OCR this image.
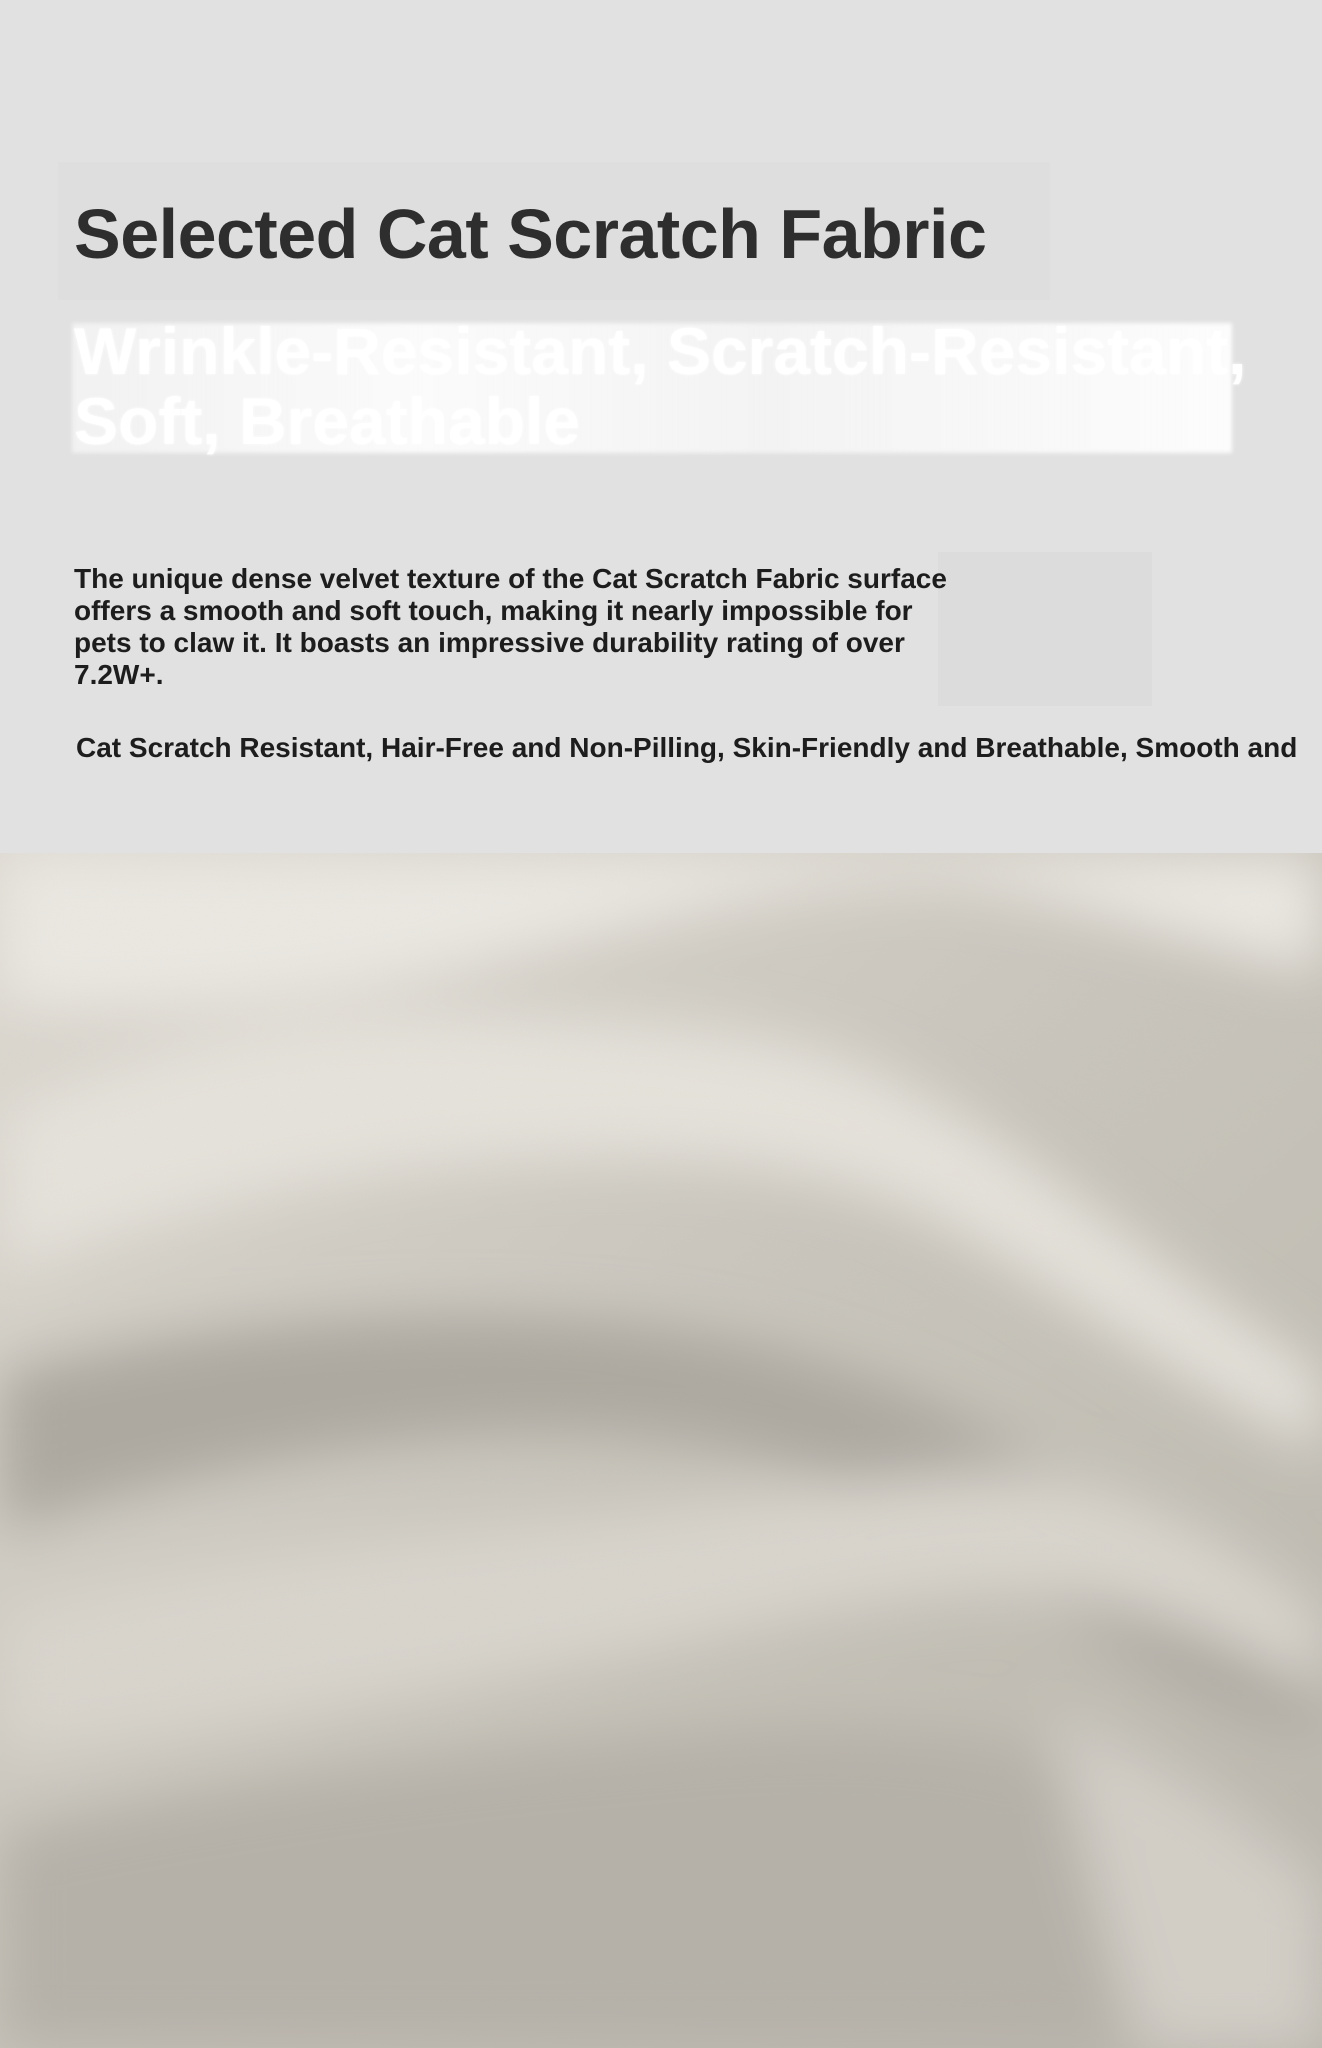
Selected Cat Scratch Fabric
Wrinkle-Resistant, Scratch-Resistant, Soft, Breathable

The unique dense velvet texture of the Cat Scratch Fabric surface offers a smooth and soft touch, making it nearly impossible for pets to claw it. It boasts an impressive durability rating of over 7.2W+.

Cat Scratch Resistant, Hair-Free and Non-Pilling, Skin-Friendly and Breathable, Smooth and
